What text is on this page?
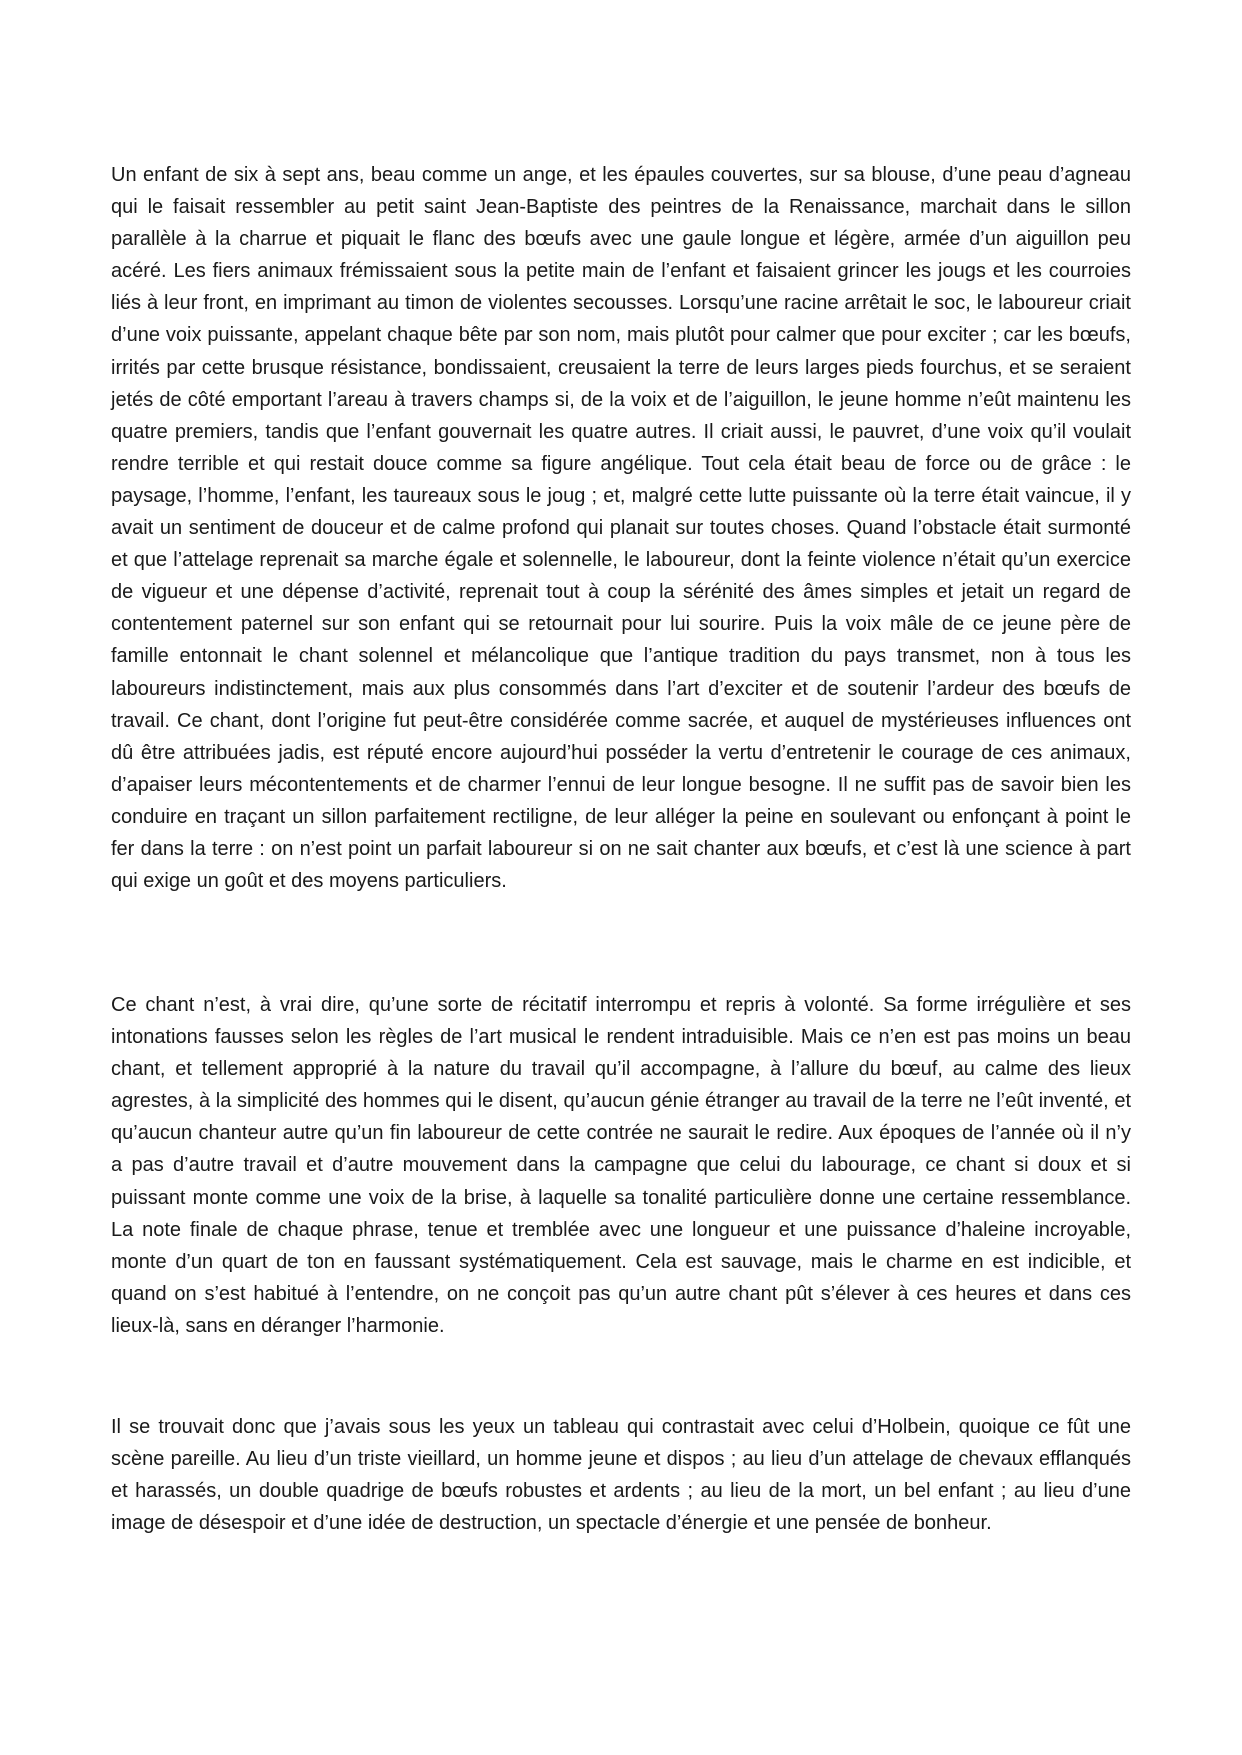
Un enfant de six à sept ans, beau comme un ange, et les épaules couvertes, sur sa blouse, d’une peau d’agneau qui le faisait ressembler au petit saint Jean-Baptiste des peintres de la Renaissance, marchait dans le sillon parallèle à la charrue et piquait le flanc des bœufs avec une gaule longue et légère, armée d’un aiguillon peu acéré. Les fiers animaux frémissaient sous la petite main de l’enfant et faisaient grincer les jougs et les courroies liés à leur front, en imprimant au timon de violentes secousses. Lorsqu’une racine arrêtait le soc, le laboureur criait d’une voix puissante, appelant chaque bête par son nom, mais plutôt pour calmer que pour exciter ; car les bœufs, irrités par cette brusque résistance, bondissaient, creusaient la terre de leurs larges pieds fourchus, et se seraient jetés de côté emportant l’areau à travers champs si, de la voix et de l’aiguillon, le jeune homme n’eût maintenu les quatre premiers, tandis que l’enfant gouvernait les quatre autres. Il criait aussi, le pauvret, d’une voix qu’il voulait rendre terrible et qui restait douce comme sa figure angélique. Tout cela était beau de force ou de grâce : le paysage, l’homme, l’enfant, les taureaux sous le joug ; et, malgré cette lutte puissante où la terre était vaincue, il y avait un sentiment de douceur et de calme profond qui planait sur toutes choses. Quand l’obstacle était surmonté et que l’attelage reprenait sa marche égale et solennelle, le laboureur, dont la feinte violence n’était qu’un exercice de vigueur et une dépense d’activité, reprenait tout à coup la sérénité des âmes simples et jetait un regard de contentement paternel sur son enfant qui se retournait pour lui sourire. Puis la voix mâle de ce jeune père de famille entonnait le chant solennel et mélancolique que l’antique tradition du pays transmet, non à tous les laboureurs indistinctement, mais aux plus consommés dans l’art d’exciter et de soutenir l’ardeur des bœufs de travail. Ce chant, dont l’origine fut peut-être considérée comme sacrée, et auquel de mystérieuses influences ont dû être attribuées jadis, est réputé encore aujourd’hui posséder la vertu d’entretenir le courage de ces animaux, d’apaiser leurs mécontentements et de charmer l’ennui de leur longue besogne. Il ne suffit pas de savoir bien les conduire en traçant un sillon parfaitement rectiligne, de leur alléger la peine en soulevant ou enfonçant à point le fer dans la terre : on n’est point un parfait laboureur si on ne sait chanter aux bœufs, et c’est là une science à part qui exige un goût et des moyens particuliers.

Ce chant n’est, à vrai dire, qu’une sorte de récitatif interrompu et repris à volonté. Sa forme irrégulière et ses intonations fausses selon les règles de l’art musical le rendent intraduisible. Mais ce n’en est pas moins un beau chant, et tellement approprié à la nature du travail qu’il accompagne, à l’allure du bœuf, au calme des lieux agrestes, à la simplicité des hommes qui le disent, qu’aucun génie étranger au travail de la terre ne l’eût inventé, et qu’aucun chanteur autre qu’un fin laboureur de cette contrée ne saurait le redire. Aux époques de l’année où il n’y a pas d’autre travail et d’autre mouvement dans la campagne que celui du labourage, ce chant si doux et si puissant monte comme une voix de la brise, à laquelle sa tonalité particulière donne une certaine ressemblance. La note finale de chaque phrase, tenue et tremblée avec une longueur et une puissance d’haleine incroyable, monte d’un quart de ton en faussant systématiquement. Cela est sauvage, mais le charme en est indicible, et quand on s’est habitué à l’entendre, on ne conçoit pas qu’un autre chant pût s’élever à ces heures et dans ces lieux-là, sans en déranger l’harmonie.

Il se trouvait donc que j’avais sous les yeux un tableau qui contrastait avec celui d’Holbein, quoique ce fût une scène pareille. Au lieu d’un triste vieillard, un homme jeune et dispos ; au lieu d’un attelage de chevaux efflanqués et harassés, un double quadrige de bœufs robustes et ardents ; au lieu de la mort, un bel enfant ; au lieu d’une image de désespoir et d’une idée de destruction, un spectacle d’énergie et une pensée de bonheur.
